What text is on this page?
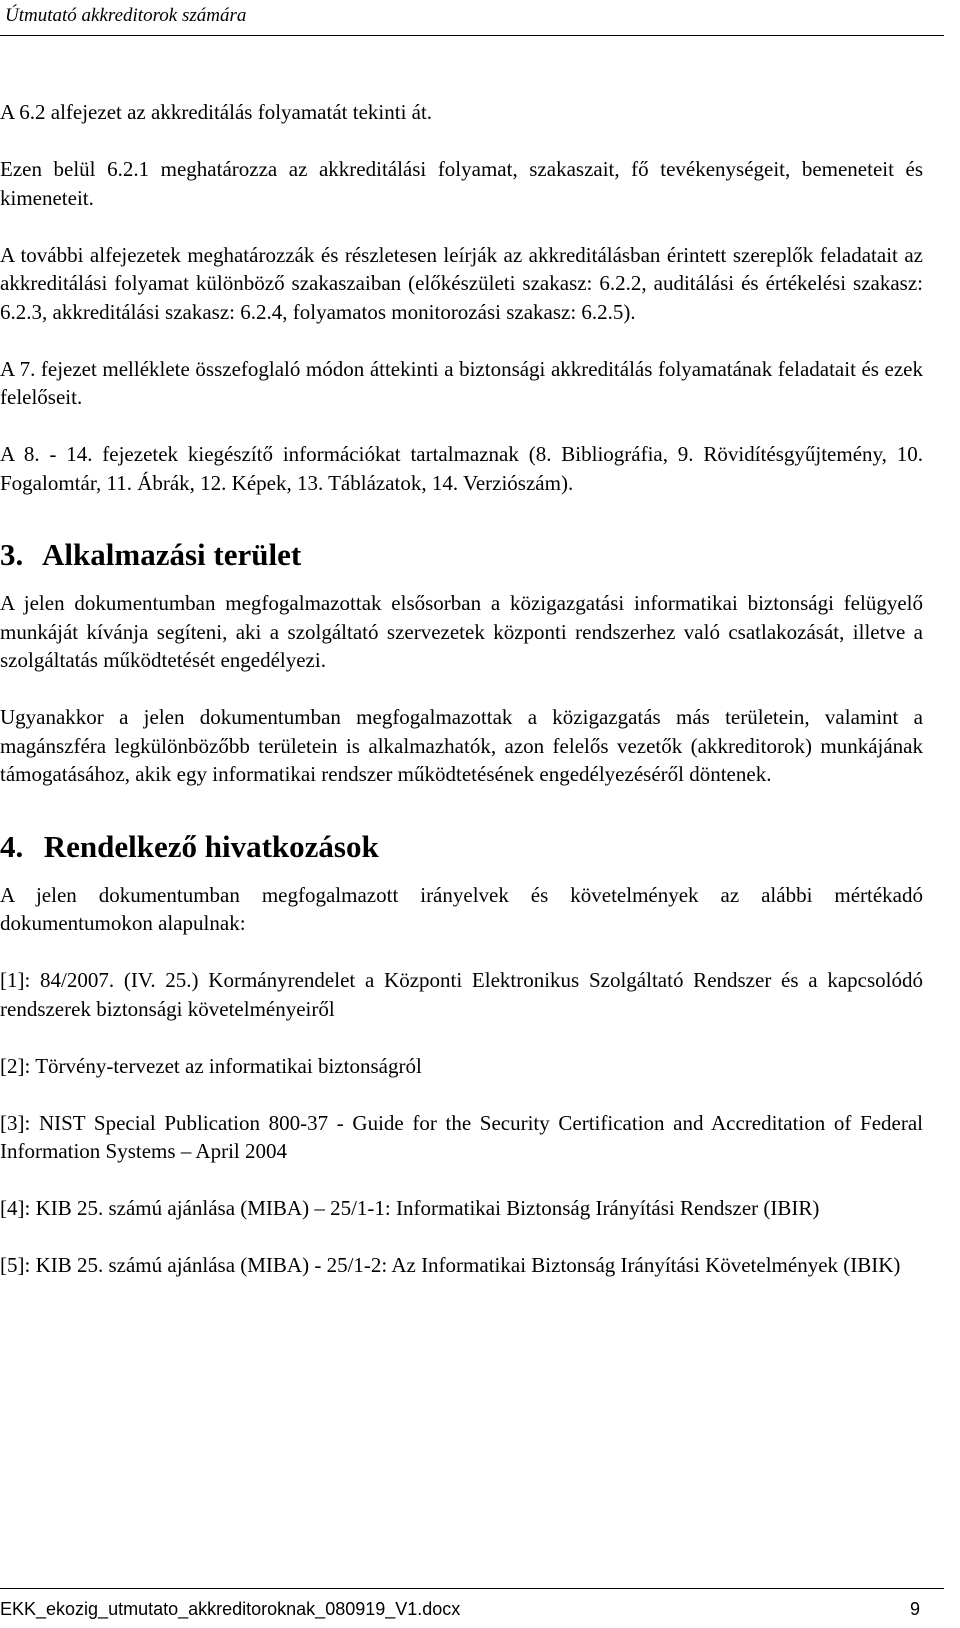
Útmutató akkreditorok számára

A 6.2 alfejezet az akkreditálás folyamatát tekinti át.

Ezen belül 6.2.1 meghatározza az akkreditálási folyamat, szakaszait, fő tevékenységeit, bemeneteit és kimeneteit.

A további alfejezetek meghatározzák és részletesen leírják az akkreditálásban érintett szereplők feladatait az akkreditálási folyamat különböző szakaszaiban (előkészületi szakasz: 6.2.2, auditálási és értékelési szakasz: 6.2.3, akkreditálási szakasz: 6.2.4, folyamatos monitorozási szakasz: 6.2.5).

A 7. fejezet melléklete összefoglaló módon áttekinti a biztonsági akkreditálás folyamatának feladatait és ezek felelőseit.

A 8. - 14. fejezetek kiegészítő információkat tartalmaznak (8. Bibliográfia, 9. Rövidítésgyűjtemény, 10. Fogalomtár, 11. Ábrák, 12. Képek, 13. Táblázatok, 14. Verziószám).

3. Alkalmazási terület

A jelen dokumentumban megfogalmazottak elsősorban a közigazgatási informatikai biztonsági felügyelő munkáját kívánja segíteni, aki a szolgáltató szervezetek központi rendszerhez való csatlakozását, illetve a szolgáltatás működtetését engedélyezi.

Ugyanakkor a jelen dokumentumban megfogalmazottak a közigazgatás más területein, valamint a magánszféra legkülönbözőbb területein is alkalmazhatók, azon felelős vezetők (akkreditorok) munkájának támogatásához, akik egy informatikai rendszer működtetésének engedélyezéséről döntenek.

4. Rendelkező hivatkozások

A jelen dokumentumban megfogalmazott irányelvek és követelmények az alábbi mértékadó dokumentumokon alapulnak:

[1]: 84/2007. (IV. 25.) Kormányrendelet a Központi Elektronikus Szolgáltató Rendszer és a kapcsolódó rendszerek biztonsági követelményeiről

[2]: Törvény-tervezet az informatikai biztonságról

[3]: NIST Special Publication 800-37 - Guide for the Security Certification and Accreditation of Federal Information Systems – April 2004

[4]: KIB 25. számú ajánlása (MIBA) – 25/1-1: Informatikai Biztonság Irányítási Rendszer (IBIR)

[5]: KIB 25. számú ajánlása (MIBA) - 25/1-2: Az Informatikai Biztonság Irányítási Követelmények (IBIK)

EKK_ekozig_utmutato_akkreditoroknak_080919_V1.docx	9
